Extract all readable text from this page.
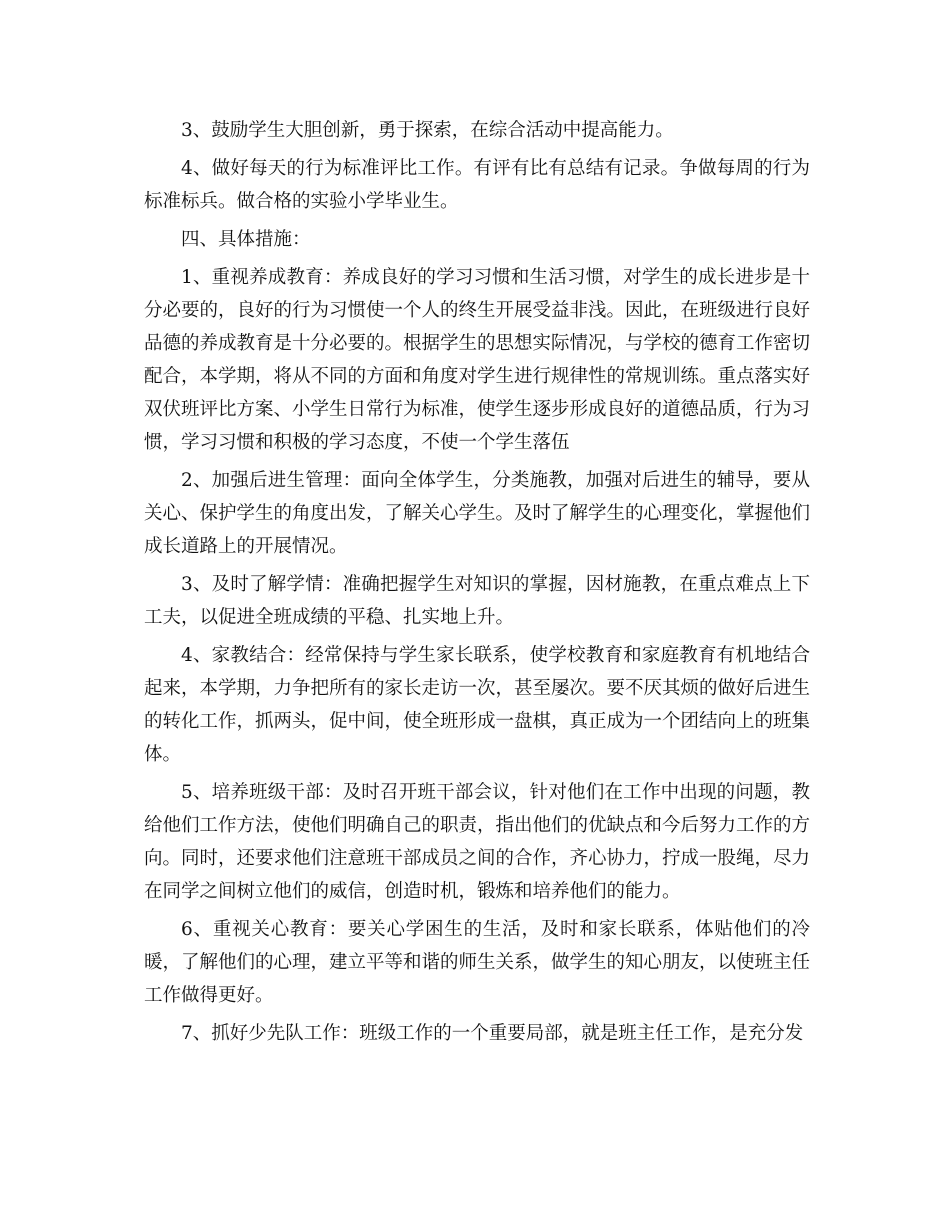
3、鼓励学生大胆创新，勇于探索，在综合活动中提高能力。

4、做好每天的行为标准评比工作。有评有比有总结有记录。争做每周的行为标准标兵。做合格的实验小学毕业生。

四、具体措施：

1、重视养成教育：养成良好的学习习惯和生活习惯，对学生的成长进步是十分必要的，良好的行为习惯使一个人的终生开展受益非浅。因此，在班级进行良好品德的养成教育是十分必要的。根据学生的思想实际情况，与学校的德育工作密切配合，本学期，将从不同的方面和角度对学生进行规律性的常规训练。重点落实好双伏班评比方案、小学生日常行为标准，使学生逐步形成良好的道德品质，行为习惯，学习习惯和积极的学习态度，不使一个学生落伍

2、加强后进生管理：面向全体学生，分类施教，加强对后进生的辅导，要从关心、保护学生的角度出发，了解关心学生。及时了解学生的心理变化，掌握他们成长道路上的开展情况。

3、及时了解学情：准确把握学生对知识的掌握，因材施教，在重点难点上下工夫，以促进全班成绩的平稳、扎实地上升。

4、家教结合：经常保持与学生家长联系，使学校教育和家庭教育有机地结合起来，本学期，力争把所有的家长走访一次，甚至屡次。要不厌其烦的做好后进生的转化工作，抓两头，促中间，使全班形成一盘棋，真正成为一个团结向上的班集体。

5、培养班级干部：及时召开班干部会议，针对他们在工作中出现的问题，教给他们工作方法，使他们明确自己的职责，指出他们的优缺点和今后努力工作的方向。同时，还要求他们注意班干部成员之间的合作，齐心协力，拧成一股绳，尽力在同学之间树立他们的威信，创造时机，锻炼和培养他们的能力。

6、重视关心教育：要关心学困生的生活，及时和家长联系，体贴他们的冷暖，了解他们的心理，建立平等和谐的师生关系，做学生的知心朋友，以使班主任工作做得更好。

7、抓好少先队工作：班级工作的一个重要局部，就是班主任工作，是充分发
